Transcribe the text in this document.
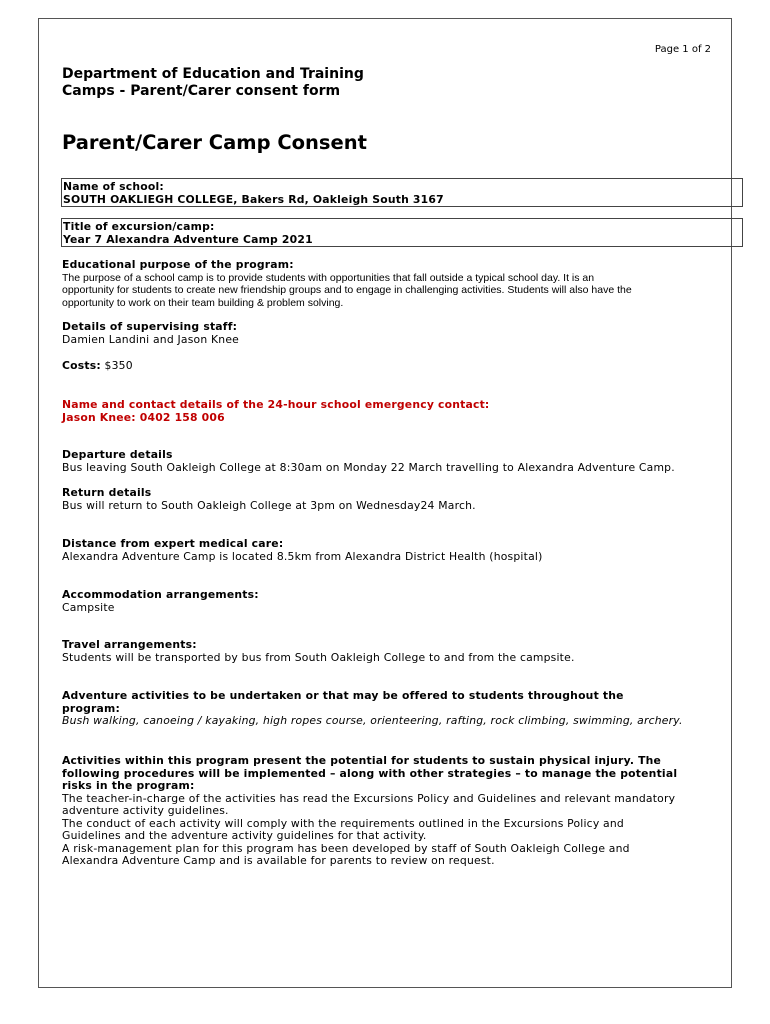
Page 1 of 2
Department of Education and Training
Camps - Parent/Carer consent form
Parent/Carer Camp Consent
Name of school:
SOUTH OAKLIEGH COLLEGE, Bakers Rd, Oakleigh South 3167
Title of excursion/camp:
Year 7 Alexandra Adventure Camp 2021
Educational purpose of the program:
The purpose of a school camp is to provide students with opportunities that fall outside a typical school day. It is an
opportunity for students to create new friendship groups and to engage in challenging activities. Students will also have the
opportunity to work on their team building & problem solving.
Details of supervising staff:
Damien Landini and Jason Knee
Costs: $350
Name and contact details of the 24-hour school emergency contact:
Jason Knee: 0402 158 006
Departure details
Bus leaving South Oakleigh College at 8:30am on Monday 22 March travelling to Alexandra Adventure Camp.
Return details
Bus will return to South Oakleigh College at 3pm on Wednesday24 March.
Distance from expert medical care:
Alexandra Adventure Camp is located 8.5km from Alexandra District Health (hospital)
Accommodation arrangements:
Campsite
Travel arrangements:
Students will be transported by bus from South Oakleigh College to and from the campsite.
Adventure activities to be undertaken or that may be offered to students throughout the
program:
Bush walking, canoeing / kayaking, high ropes course, orienteering, rafting, rock climbing, swimming, archery.
Activities within this program present the potential for students to sustain physical injury. The
following procedures will be implemented – along with other strategies – to manage the potential
risks in the program:
The teacher-in-charge of the activities has read the Excursions Policy and Guidelines and relevant mandatory
adventure activity guidelines.
The conduct of each activity will comply with the requirements outlined in the Excursions Policy and
Guidelines and the adventure activity guidelines for that activity.
A risk-management plan for this program has been developed by staff of South Oakleigh College and
Alexandra Adventure Camp and is available for parents to review on request.
